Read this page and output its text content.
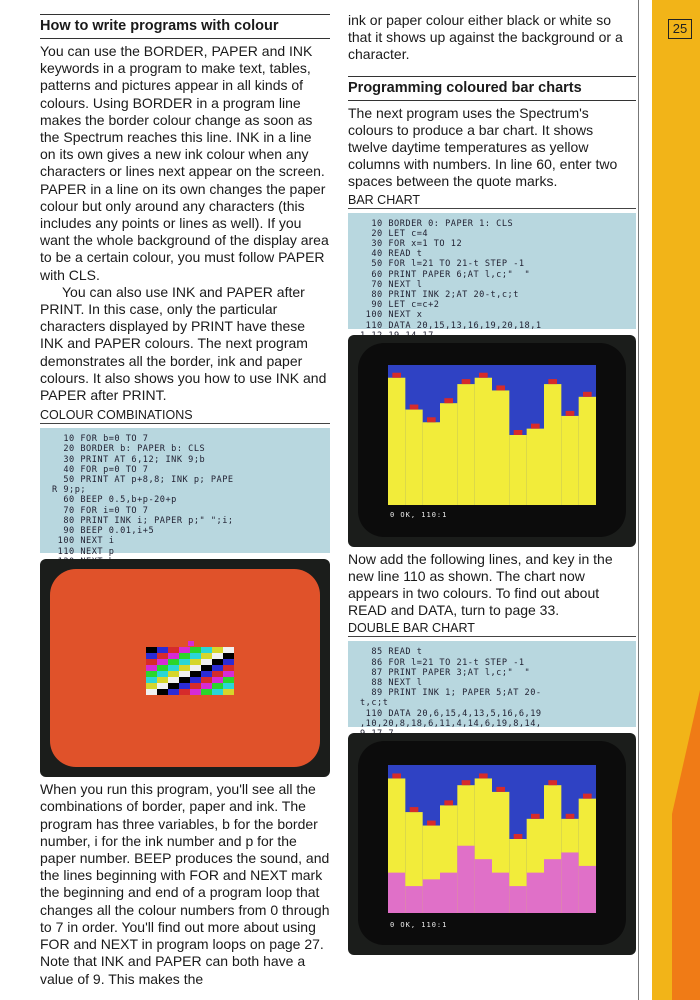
25
How to write programs with colour

You can use the BORDER, PAPER and INK keywords in a program to make text, tables, patterns and pictures appear in all kinds of colours. Using BORDER in a program line makes the border colour change as soon as the Spectrum reaches this line. INK in a line on its own gives a new ink colour when any characters or lines next appear on the screen. PAPER in a line on its own changes the paper colour but only around any characters (this includes any points or lines as well). If you want the whole background of the display area to be a certain colour, you must follow PAPER with CLS.

You can also use INK and PAPER after PRINT. In this case, only the particular characters displayed by PRINT have these INK and PAPER colours. The next program demonstrates all the border, ink and paper colours. It also shows you how to use INK and PAPER after PRINT.

COLOUR COMBINATIONS

10 FOR b=0 TO 7
20 BORDER b: PAPER b: CLS
30 PRINT AT 6,12; INK 9;b
40 FOR p=0 TO 7
50 PRINT AT p+8,8; INK p; PAPE
R 9;p;
60 BEEP 0.5,b+p-20+p
70 FOR i=0 TO 7
80 PRINT INK i; PAPER p;" ";i;
90 BEEP 0.01,i+5
100 NEXT i
110 NEXT p

When you run this program, you'll see all the combinations of border, paper and ink. The program has three variables, b for the border number, i for the ink number and p for the paper number. BEEP produces the sound, and the lines beginning with FOR and NEXT mark the beginning and end of a program loop that changes all the colour numbers from 0 through to 7 in order. You'll find out more about using FOR and NEXT in program loops on page 27. Note that INK and PAPER can both have a value of 9. This makes the

ink or paper colour either black or white so that it shows up against the background or a character.

Programming coloured bar charts

The next program uses the Spectrum's colours to produce a bar chart. It shows twelve daytime temperatures as yellow columns with numbers. In line 60, enter two spaces between the quote marks.

BAR CHART

10 BORDER 0: PAPER 1: CLS
20 LET c=4
30 FOR x=1 TO 12
40 READ t
50 FOR l=21 TO 21-t STEP -1
60 PRINT PAPER 6;AT l,c;"  "
70 NEXT l
80 PRINT INK 2;AT 20-t,c;t
90 LET c=c+2
100 NEXT x
110 DATA 20,15,13,16,19,20,18,1

0 OK, 110:1

Now add the following lines, and key in the new line 110 as shown. The chart now appears in two colours. To find out about READ and DATA, turn to page 33.

DOUBLE BAR CHART

85 READ t
86 FOR l=21 TO 21-t STEP -1
87 PRINT PAPER 3;AT l,c;"  "
88 NEXT l
89 PRINT INK 1; PAPER 5;AT 20-
t,c;t
110 DATA 20,6,15,4,13,5,16,6,19
,10,20,8,18,6,11,4,14,6,19,8,14,

0 OK, 110:1
